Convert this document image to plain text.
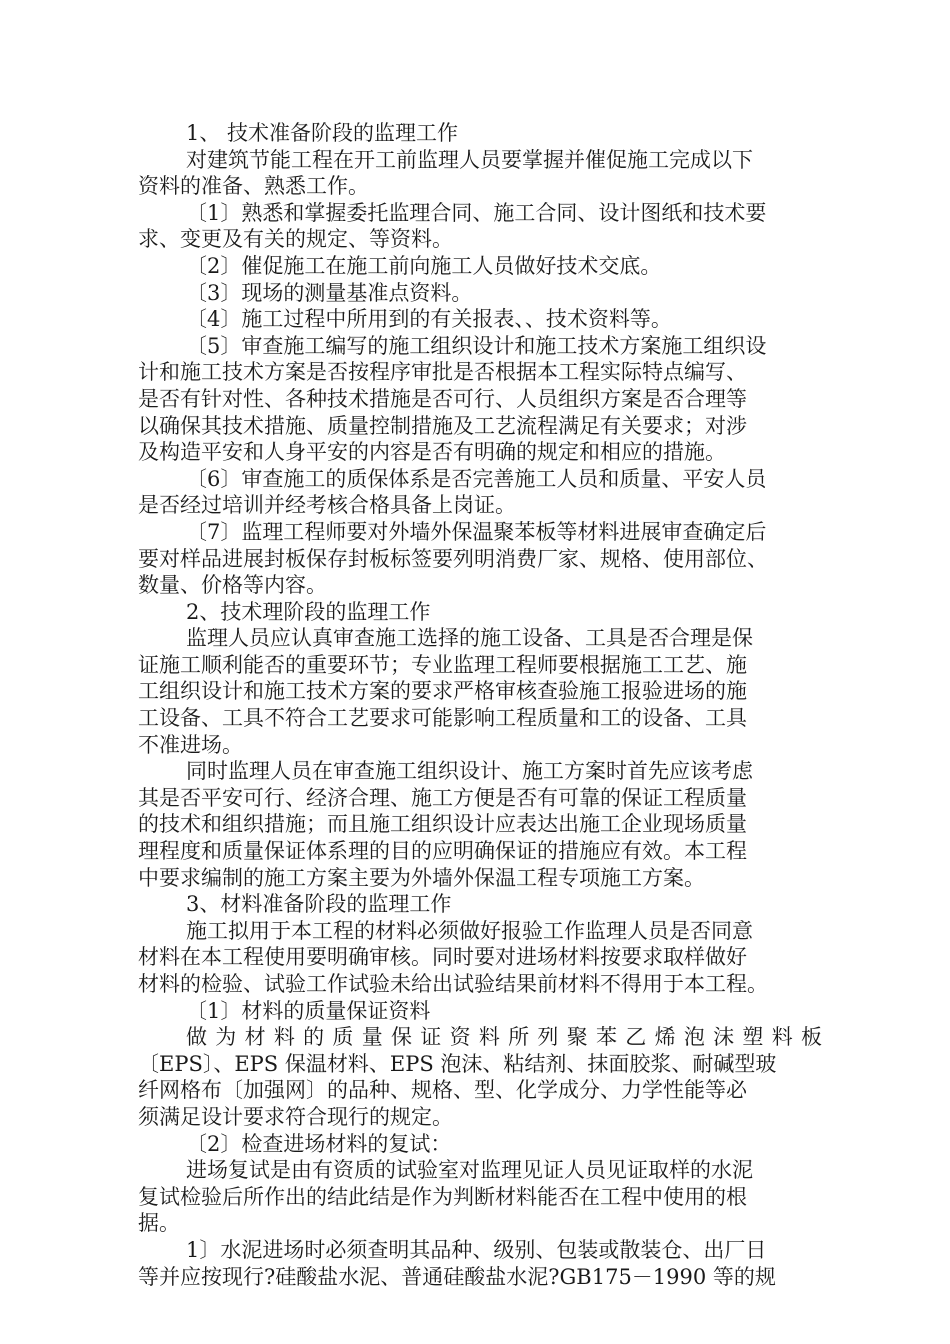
1、 技术准备阶段的监理工作
对建筑节能工程在开工前监理人员要掌握并催促施工完成以下
资料的准备、熟悉工作。
〔1〕熟悉和掌握委托监理合同、施工合同、设计图纸和技术要
求、变更及有关的规定、等资料。
〔2〕催促施工在施工前向施工人员做好技术交底。
〔3〕现场的测量基准点资料。
〔4〕施工过程中所用到的有关报表、、技术资料等。
〔5〕审查施工编写的施工组织设计和施工技术方案施工组织设
计和施工技术方案是否按程序审批是否根据本工程实际特点编写、
是否有针对性、各种技术措施是否可行、人员组织方案是否合理等
以确保其技术措施、质量控制措施及工艺流程满足有关要求；对涉
及构造平安和人身平安的内容是否有明确的规定和相应的措施。
〔6〕审查施工的质保体系是否完善施工人员和质量、平安人员
是否经过培训并经考核合格具备上岗证。
〔7〕监理工程师要对外墙外保温聚苯板等材料进展审查确定后
要对样品进展封板保存封板标签要列明消费厂家、规格、使用部位、
数量、价格等内容。
2、技术理阶段的监理工作
监理人员应认真审查施工选择的施工设备、工具是否合理是保
证施工顺利能否的重要环节；专业监理工程师要根据施工工艺、施
工组织设计和施工技术方案的要求严格审核查验施工报验进场的施
工设备、工具不符合工艺要求可能影响工程质量和工的设备、工具
不准进场。
同时监理人员在审查施工组织设计、施工方案时首先应该考虑
其是否平安可行、经济合理、施工方便是否有可靠的保证工程质量
的技术和组织措施；而且施工组织设计应表达出施工企业现场质量
理程度和质量保证体系理的目的应明确保证的措施应有效。本工程
中要求编制的施工方案主要为外墙外保温工程专项施工方案。
3、材料准备阶段的监理工作
施工拟用于本工程的材料必须做好报验工作监理人员是否同意
材料在本工程使用要明确审核。同时要对进场材料按要求取样做好
材料的检验、试验工作试验未给出试验结果前材料不得用于本工程。
〔1〕材料的质量保证资料
做为材料的质量保证资料所列聚苯乙烯泡沫塑料板
〔EPS〕、EPS 保温材料、EPS 泡沫、粘结剂、抹面胶浆、耐碱型玻
纤网格布〔加强网〕的品种、规格、型、化学成分、力学性能等必
须满足设计要求符合现行的规定。
〔2〕检查进场材料的复试：
进场复试是由有资质的试验室对监理见证人员见证取样的水泥
复试检验后所作出的结此结是作为判断材料能否在工程中使用的根
据。
1〕水泥进场时必须查明其品种、级别、包装或散装仓、出厂日
等并应按现行?硅酸盐水泥、普通硅酸盐水泥?GB175－1990 等的规
